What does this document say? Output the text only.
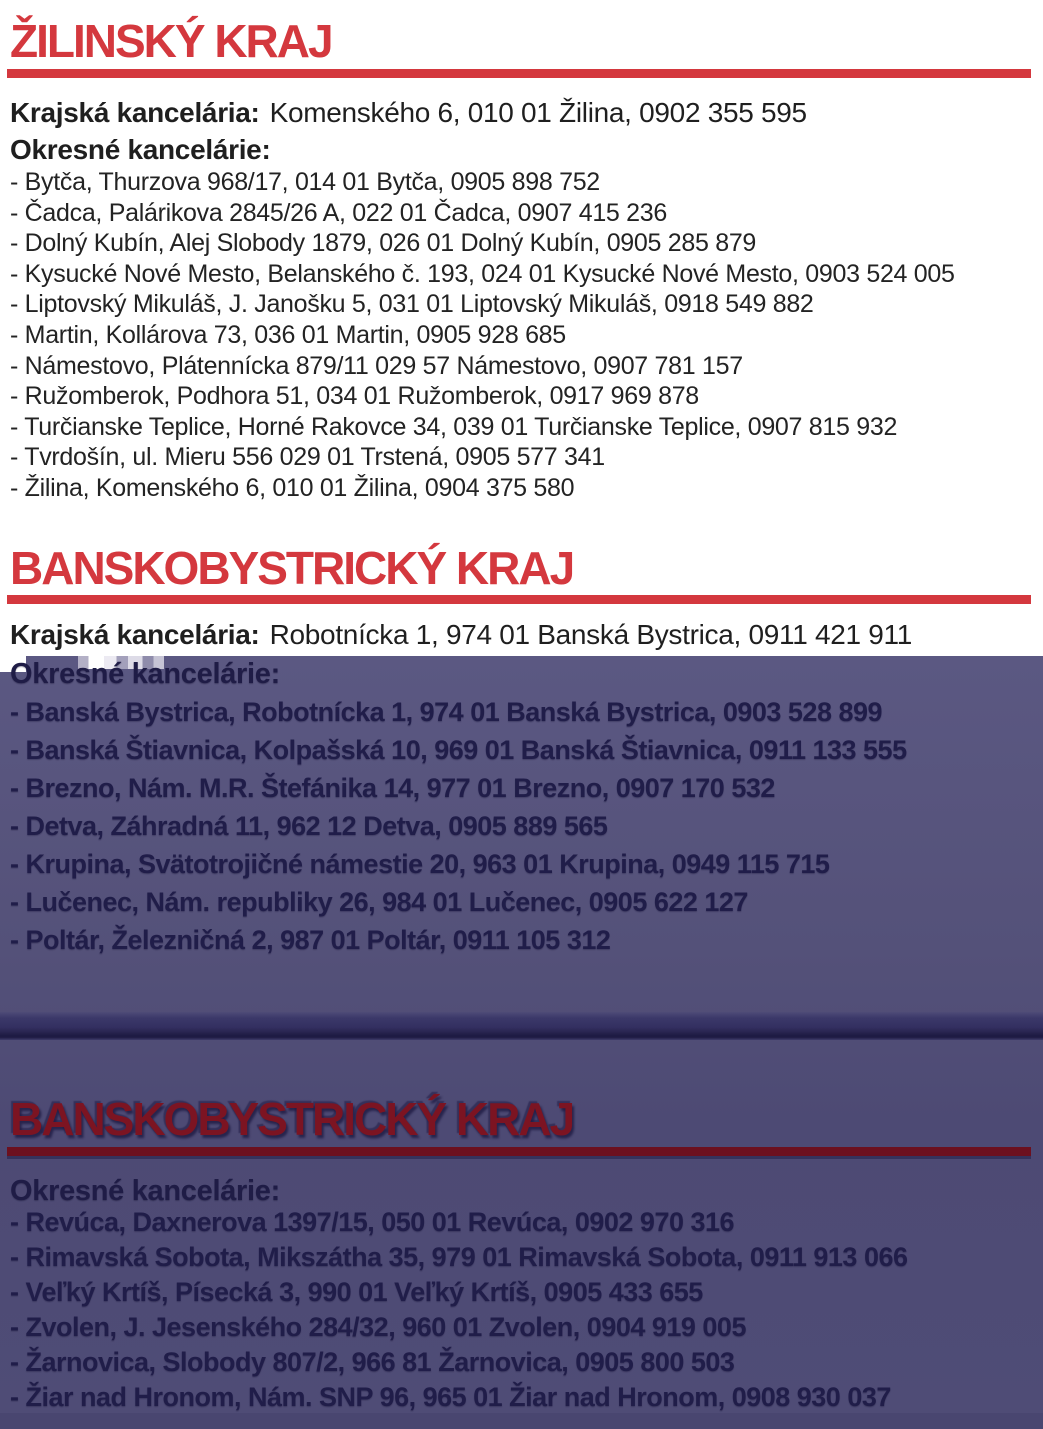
ŽILINSKÝ KRAJ
Krajská kancelária: Komenského 6, 010 01 Žilina, 0902 355 595
Okresné kancelárie:
- Bytča, Thurzova 968/17, 014 01 Bytča, 0905 898 752
- Čadca, Palárikova 2845/26 A, 022 01 Čadca, 0907 415 236
- Dolný Kubín, Alej Slobody 1879, 026 01 Dolný Kubín, 0905 285 879
- Kysucké Nové Mesto, Belanského č. 193, 024 01 Kysucké Nové Mesto, 0903 524 005
- Liptovský Mikuláš, J. Janošku 5, 031 01 Liptovský Mikuláš, 0918 549 882
- Martin, Kollárova 73, 036 01 Martin, 0905 928 685
- Námestovo, Plátennícka 879/11 029 57 Námestovo, 0907 781 157
- Ružomberok, Podhora 51, 034 01 Ružomberok, 0917 969 878
- Turčianske Teplice, Horné Rakovce 34, 039 01 Turčianske Teplice, 0907 815 932
- Tvrdošín, ul. Mieru 556 029 01 Trstená, 0905 577 341
- Žilina, Komenského 6, 010 01 Žilina, 0904 375 580
BANSKOBYSTRICKÝ KRAJ
Krajská kancelária: Robotnícka 1, 974 01 Banská Bystrica, 0911 421 911
Okresné kancelárie:
- Banská Bystrica, Robotnícka 1, 974 01 Banská Bystrica, 0903 528 899
- Banská Štiavnica, Kolpašská 10, 969 01 Banská Štiavnica, 0911 133 555
- Brezno, Nám. M.R. Štefánika 14, 977 01 Brezno, 0907 170 532
- Detva, Záhradná 11, 962 12 Detva, 0905 889 565
- Krupina, Svätotrojičné námestie 20, 963 01 Krupina, 0949 115 715
- Lučenec, Nám. republiky 26, 984 01 Lučenec, 0905 622 127
- Poltár, Železničná 2, 987 01 Poltár, 0911 105 312
BANSKOBYSTRICKÝ KRAJ
Okresné kancelárie:
- Revúca, Daxnerova 1397/15, 050 01 Revúca, 0902 970 316
- Rimavská Sobota, Mikszátha 35, 979 01 Rimavská Sobota, 0911 913 066
- Veľký Krtíš, Písecká 3, 990 01 Veľký Krtíš, 0905 433 655
- Zvolen, J. Jesenského 284/32, 960 01 Zvolen, 0904 919 005
- Žarnovica, Slobody 807/2, 966 81 Žarnovica, 0905 800 503
- Žiar nad Hronom, Nám. SNP 96, 965 01 Žiar nad Hronom, 0908 930 037
